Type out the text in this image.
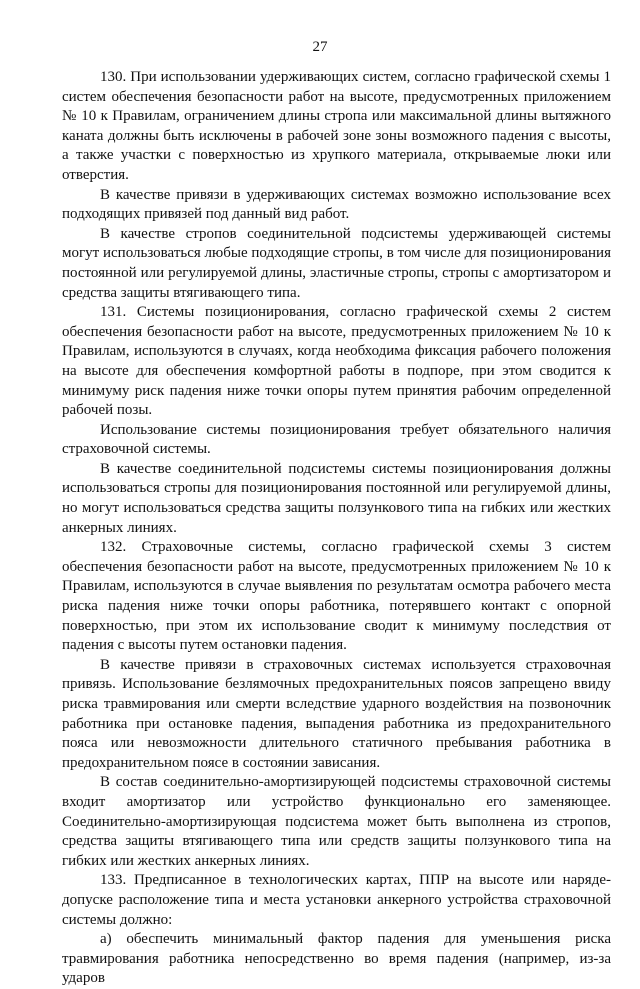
27

130. При использовании удерживающих систем, согласно графической схемы 1 систем обеспечения безопасности работ на высоте, предусмотренных приложением № 10 к Правилам, ограничением длины стропа или максимальной длины вытяжного каната должны быть исключены в рабочей зоне зоны возможного падения с высоты, а также участки с поверхностью из хрупкого материала, открываемые люки или отверстия.

В качестве привязи в удерживающих системах возможно использование всех подходящих привязей под данный вид работ.

В качестве стропов соединительной подсистемы удерживающей системы могут использоваться любые подходящие стропы, в том числе для позиционирования постоянной или регулируемой длины, эластичные стропы, стропы с амортизатором и средства защиты втягивающего типа.

131. Системы позиционирования, согласно графической схемы 2 систем обеспечения безопасности работ на высоте, предусмотренных приложением № 10 к Правилам, используются в случаях, когда необходима фиксация рабочего положения на высоте для обеспечения комфортной работы в подпоре, при этом сводится к минимуму риск падения ниже точки опоры путем принятия рабочим определенной рабочей позы.

Использование системы позиционирования требует обязательного наличия страховочной системы.

В качестве соединительной подсистемы системы позиционирования должны использоваться стропы для позиционирования постоянной или регулируемой длины, но могут использоваться средства защиты ползункового типа на гибких или жестких анкерных линиях.

132. Страховочные системы, согласно графической схемы 3 систем обеспечения безопасности работ на высоте, предусмотренных приложением № 10 к Правилам, используются в случае выявления по результатам осмотра рабочего места риска падения ниже точки опоры работника, потерявшего контакт с опорной поверхностью, при этом их использование сводит к минимуму последствия от падения с высоты путем остановки падения.

В качестве привязи в страховочных системах используется страховочная привязь. Использование безлямочных предохранительных поясов запрещено ввиду риска травмирования или смерти вследствие ударного воздействия на позвоночник работника при остановке падения, выпадения работника из предохранительного пояса или невозможности длительного статичного пребывания работника в предохранительном поясе в состоянии зависания.

В состав соединительно-амортизирующей подсистемы страховочной системы входит амортизатор или устройство функционально его заменяющее. Соединительно-амортизирующая подсистема может быть выполнена из стропов, средства защиты втягивающего типа или средств защиты ползункового типа на гибких или жестких анкерных линиях.

133. Предписанное в технологических картах, ППР на высоте или наряде-допуске расположение типа и места установки анкерного устройства страховочной системы должно:

а) обеспечить минимальный фактор падения для уменьшения риска травмирования работника непосредственно во время падения (например, из-за ударов
